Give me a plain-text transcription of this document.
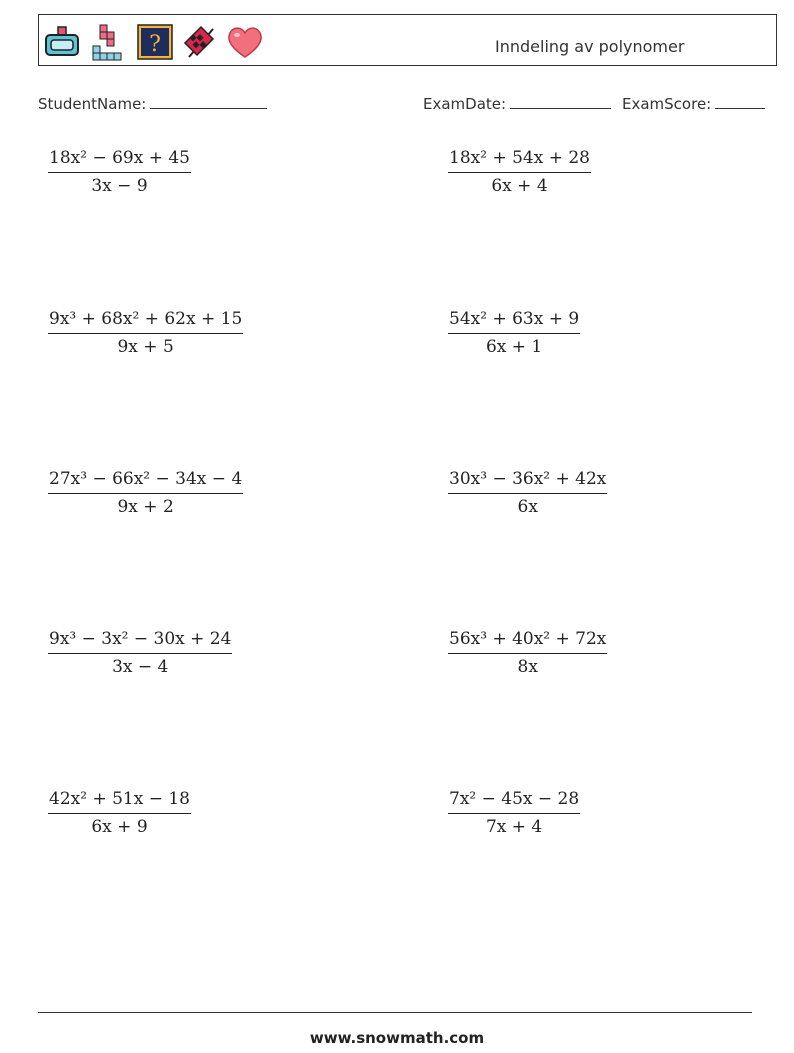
?	Inndeling av polynomer
StudentName:	ExamDate:	ExamScore:
$\frac{\text{18x² − 69x + 45}}{3x - 9}$	$\frac{\text{18x² + 54x + 28}}{6x + 4}$
$\frac{\text{9x³ + 68x² + 62x + 15}}{9x + 5}$	$\frac{\text{54x² + 63x + 9}}{6x + 1}$
$\frac{\text{27x³ − 66x² − 34x − 4}}{9x + 2}$	$\frac{\text{30x³ − 36x² + 42x}}{6x}$
$\frac{\text{9x³ − 3x² − 30x + 24}}{3x - 4}$	$\frac{\text{56x³ + 40x² + 72x}}{8x}$
$\frac{\text{42x² + 51x − 18}}{6x + 9}$	$\frac{\text{7x² − 45x − 28}}{7x + 4}$
www.snowmath.com
